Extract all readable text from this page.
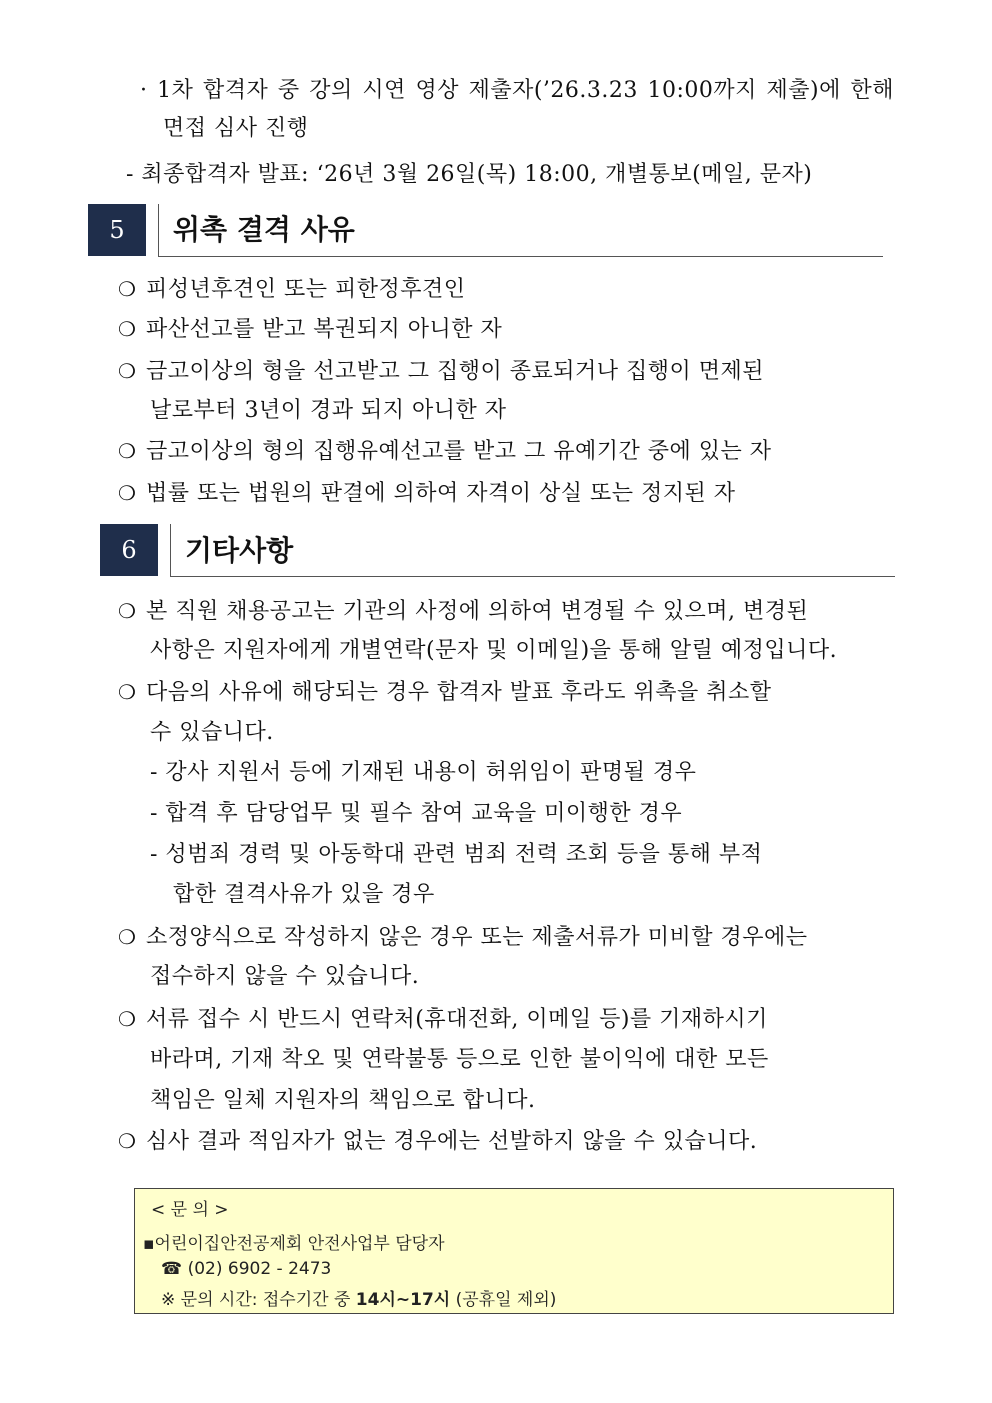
· 1차 합격자 중 강의 시연 영상 제출자(’26.3.23 10:00까지 제출)에 한해
면접 심사 진행
- 최종합격자 발표: ‘26년 3월 26일(목) 18:00, 개별통보(메일, 문자)
5	위촉 결격 사유
❍ 피성년후견인 또는 피한정후견인
❍ 파산선고를 받고 복권되지 아니한 자
❍ 금고이상의 형을 선고받고 그 집행이 종료되거나 집행이 면제된
날로부터 3년이 경과 되지 아니한 자
❍ 금고이상의 형의 집행유예선고를 받고 그 유예기간 중에 있는 자
❍ 법률 또는 법원의 판결에 의하여 자격이 상실 또는 정지된 자
6	기타사항
❍ 본 직원 채용공고는 기관의 사정에 의하여 변경될 수 있으며, 변경된
사항은 지원자에게 개별연락(문자 및 이메일)을 통해 알릴 예정입니다.
❍ 다음의 사유에 해당되는 경우 합격자 발표 후라도 위촉을 취소할
수 있습니다.
- 강사 지원서 등에 기재된 내용이 허위임이 판명될 경우
- 합격 후 담당업무 및 필수 참여 교육을 미이행한 경우
- 성범죄 경력 및 아동학대 관련 범죄 전력 조회 등을 통해 부적
합한 결격사유가 있을 경우
❍ 소정양식으로 작성하지 않은 경우 또는 제출서류가 미비할 경우에는
접수하지 않을 수 있습니다.
❍ 서류 접수 시 반드시 연락처(휴대전화, 이메일 등)를 기재하시기
바라며, 기재 착오 및 연락불통 등으로 인한 불이익에 대한 모든
책임은 일체 지원자의 책임으로 합니다.
❍ 심사 결과 적임자가 없는 경우에는 선발하지 않을 수 있습니다.
< 문 의 >
▪어린이집안전공제회 안전사업부 담당자
☎ (02) 6902 - 2473
※ 문의 시간: 접수기간 중 14시~17시 (공휴일 제외)
